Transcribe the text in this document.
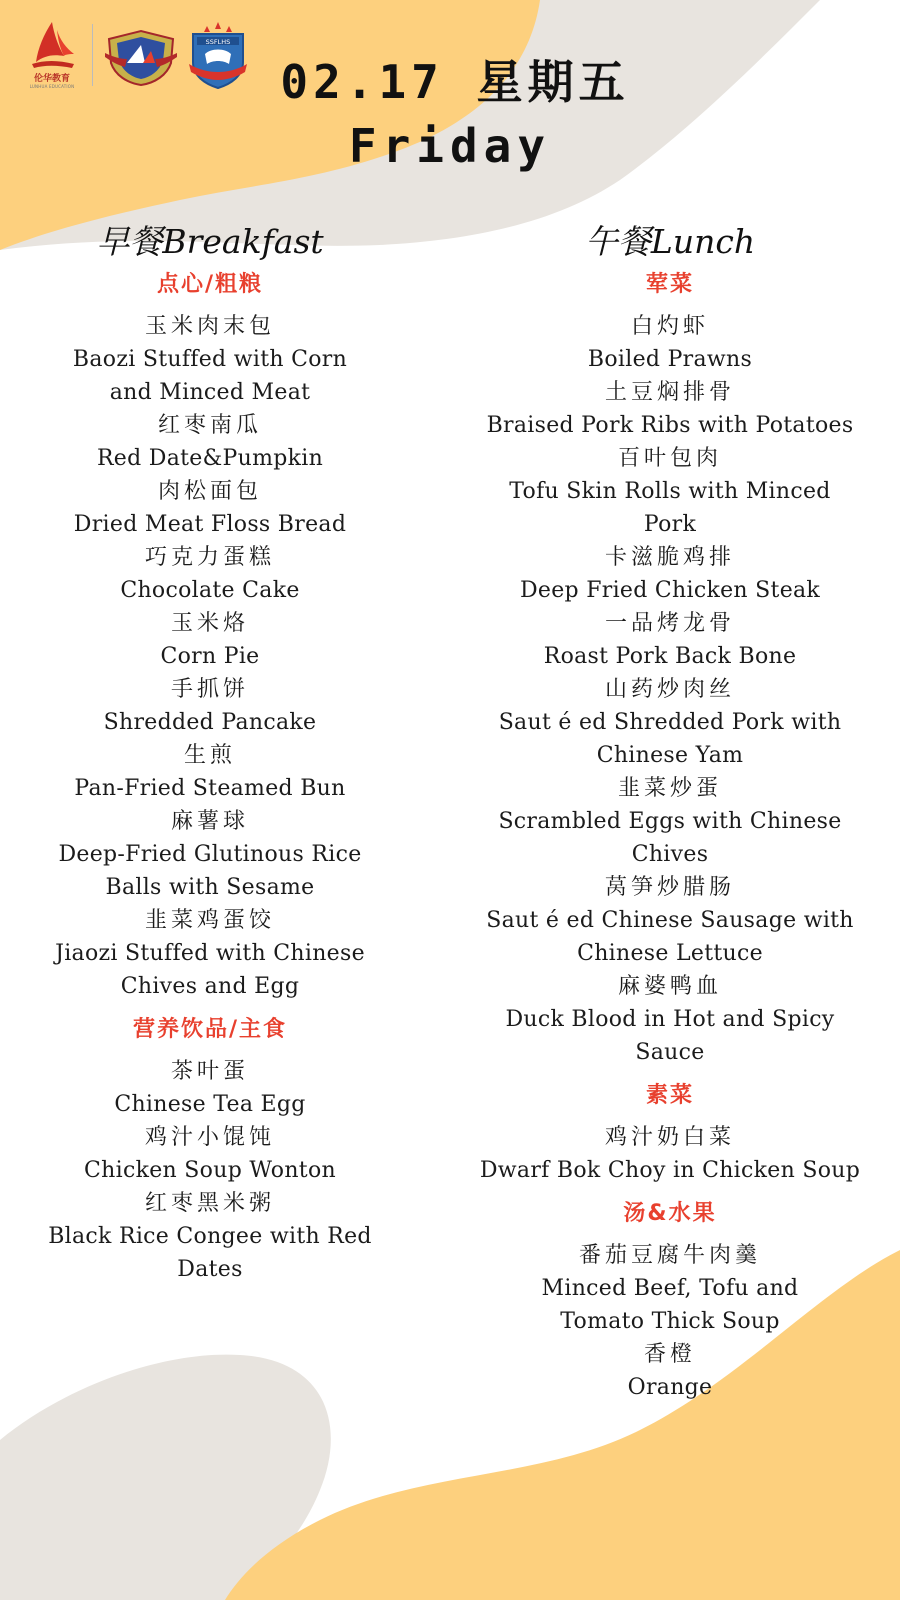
伦华教育
LUNHUA EDUCATION
SSFLHS
02.17 星期五
Friday
早餐Breakfast
点心/粗粮
玉米肉末包
Baozi Stuffed with Corn
and Minced Meat
红枣南瓜
Red Date&Pumpkin
肉松面包
Dried Meat Floss Bread
巧克力蛋糕
Chocolate Cake
玉米烙
Corn Pie
手抓饼
Shredded Pancake
生煎
Pan-Fried Steamed Bun
麻薯球
Deep-Fried Glutinous Rice
Balls with Sesame
韭菜鸡蛋饺
Jiaozi Stuffed with Chinese
Chives and Egg
营养饮品/主食
茶叶蛋
Chinese Tea Egg
鸡汁小馄饨
Chicken Soup Wonton
红枣黑米粥
Black Rice Congee with Red
Dates
午餐Lunch
荤菜
白灼虾
Boiled Prawns
土豆焖排骨
Braised Pork Ribs with Potatoes
百叶包肉
Tofu Skin Rolls with Minced
Pork
卡滋脆鸡排
Deep Fried Chicken Steak
一品烤龙骨
Roast Pork Back Bone
山药炒肉丝
Saut é ed Shredded Pork with
Chinese Yam
韭菜炒蛋
Scrambled Eggs with Chinese
Chives
莴笋炒腊肠
Saut é ed Chinese Sausage with
Chinese Lettuce
麻婆鸭血
Duck Blood in Hot and Spicy
Sauce
素菜
鸡汁奶白菜
Dwarf Bok Choy in Chicken Soup
汤&水果
番茄豆腐牛肉羹
Minced Beef, Tofu and
Tomato Thick Soup
香橙
Orange
